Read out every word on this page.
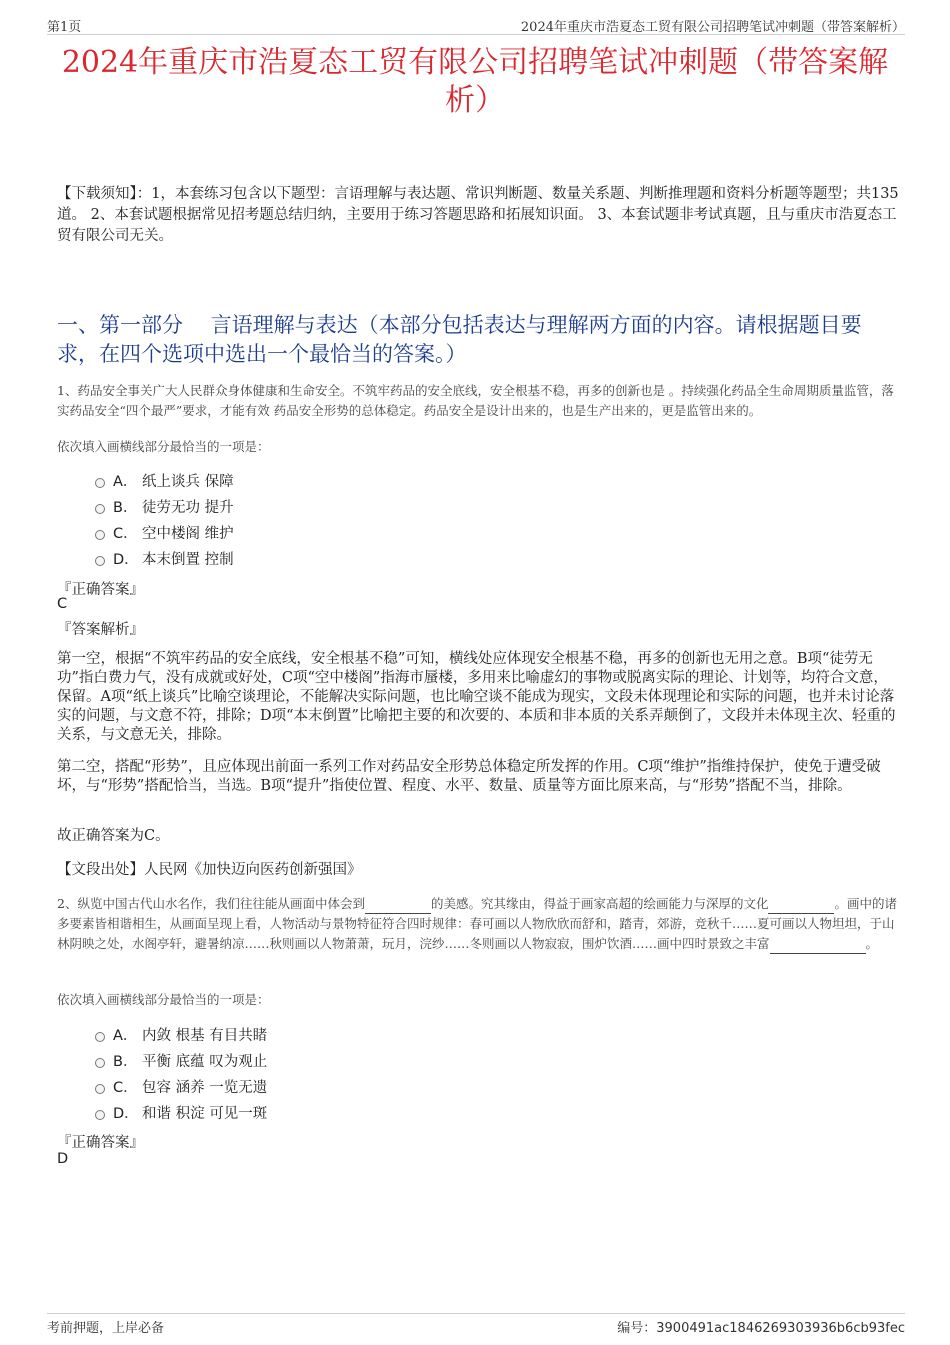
第1页	2024年重庆市浩夏态工贸有限公司招聘笔试冲刺题（带答案解析）
2024年重庆市浩夏态工贸有限公司招聘笔试冲刺题（带答案解析）

【下载须知】：1，本套练习包含以下题型：言语理解与表达题、常识判断题、数量关系题、判断推理题和资料分析题等题型；共135道。 2、本套试题根据常见招考题总结归纳，主要用于练习答题思路和拓展知识面。 3、本套试题非考试真题，且与重庆市浩夏态工贸有限公司无关。

一、第一部分　 言语理解与表达（本部分包括表达与理解两方面的内容。请根据题目要求，在四个选项中选出一个最恰当的答案。）

1、药品安全事关广大人民群众身体健康和生命安全。不筑牢药品的安全底线，安全根基不稳，再多的创新也是 。持续强化药品全生命周期质量监管，落实药品安全“四个最严”要求，才能有效 药品安全形势的总体稳定。药品安全是设计出来的，也是生产出来的，更是监管出来的。

依次填入画横线部分最恰当的一项是：

A． 纸上谈兵 保障
B． 徒劳无功 提升
C． 空中楼阁 维护
D． 本末倒置 控制
『正确答案』
C
『答案解析』

第一空，根据“不筑牢药品的安全底线，安全根基不稳”可知，横线处应体现安全根基不稳，再多的创新也无用之意。B项“徒劳无功”指白费力气，没有成就或好处，C项“空中楼阁”指海市蜃楼，多用来比喻虚幻的事物或脱离实际的理论、计划等，均符合文意，保留。A项“纸上谈兵”比喻空谈理论，不能解决实际问题，也比喻空谈不能成为现实，文段未体现理论和实际的问题，也并未讨论落实的问题，与文意不符，排除；D项“本末倒置”比喻把主要的和次要的、本质和非本质的关系弄颠倒了，文段并未体现主次、轻重的关系，与文意无关，排除。

第二空，搭配“形势”，且应体现出前面一系列工作对药品安全形势总体稳定所发挥的作用。C项“维护”指维持保护，使免于遭受破坏，与“形势”搭配恰当，当选。B项“提升”指使位置、程度、水平、数量、质量等方面比原来高，与“形势”搭配不当，排除。

故正确答案为C。

【文段出处】人民网《加快迈向医药创新强国》

2、纵览中国古代山水名作，我们往往能从画面中体会到	的美感。究其缘由，得益于画家高超的绘画能力与深厚的文化	。画中的诸多要素皆相谐相生，从画面呈现上看，人物活动与景物特征符合四时规律：春可画以人物欣欣而舒和，踏青，郊游，竞秋千……夏可画以人物坦坦，于山林阴映之处，水阁亭轩，避暑纳凉……秋则画以人物萧萧，玩月，浣纱……冬则画以人物寂寂，围炉饮酒……画中四时景致之丰富	。

依次填入画横线部分最恰当的一项是：

A． 内敛 根基 有目共睹
B． 平衡 底蕴 叹为观止
C． 包容 涵养 一览无遗
D． 和谐 积淀 可见一斑
『正确答案』
D
考前押题，上岸必备	编号：3900491ac1846269303936b6cb93fec
